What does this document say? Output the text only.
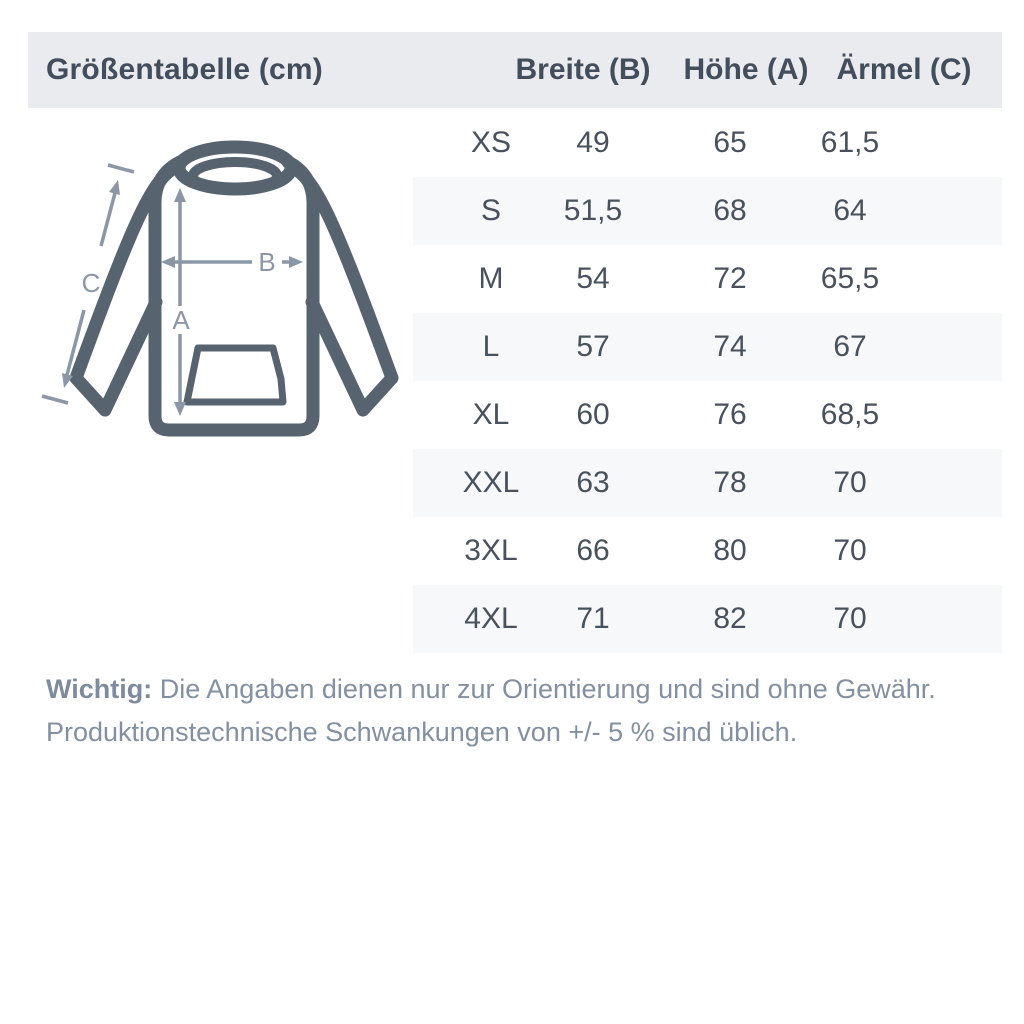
Größentabelle (cm)	Breite (B) Höhe (A) Ärmel (C)
A
B
C
XS 49	65 61,5
S 51,5	68	64
M 54	72 65,5
L	57	74	67
XL 60	76 68,5
XXL 63	78	70
3XL 66	80	70
4XL 71	82	70

Wichtig: Die Angaben dienen nur zur Orientierung und sind ohne Gewähr.
Produktionstechnische Schwankungen von +/- 5 % sind üblich.
